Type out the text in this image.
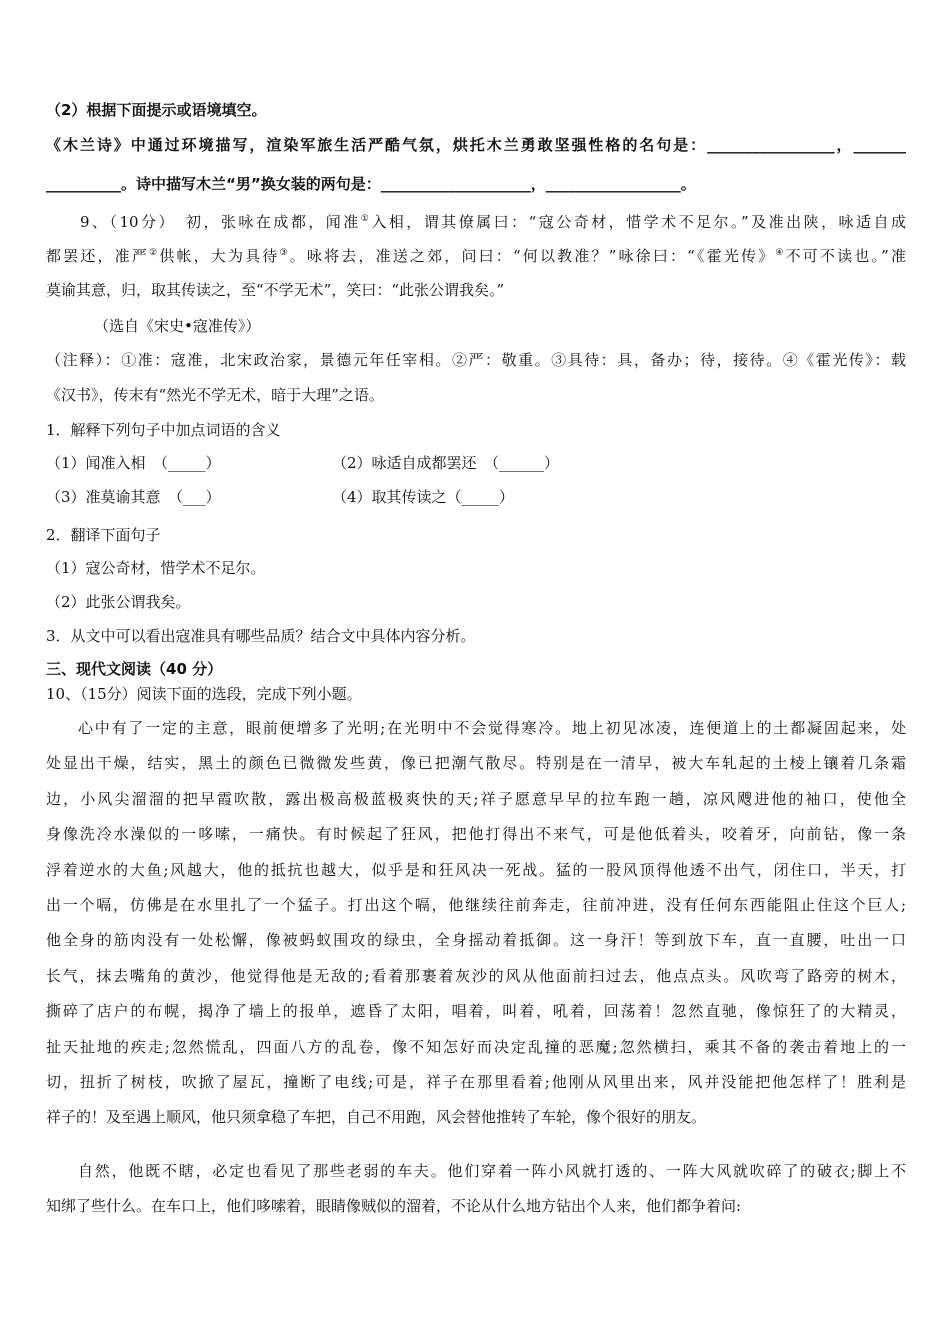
（2）根据下面提示或语境填空。
《木兰诗》中通过环境描写，渲染军旅生活严酷气氛，烘托木兰勇敢坚强性格的名句是：_________________，_______
__________。诗中描写木兰“男”换女装的两句是：____________________，__________________。
9、（10分）　初，张咏在成都，闻准①入相，谓其僚属曰：“寇公奇材，惜学术不足尔。”及准出陕，咏适自成
都罢还，准严②供帐，大为具待③。咏将去，准送之郊，问曰：“何以教准？”咏徐曰：“《霍光传》④不可不读也。”准
莫谕其意，归，取其传读之，至“不学无术”，笑曰：“此张公谓我矣。”
（选自《宋史•寇准传》）
（注释）：①准：寇准，北宋政治家，景德元年任宰相。②严：敬重。③具待：具，备办；待，接待。④《霍光传》：载
《汉书》，传末有“然光不学无术，暗于大理”之语。
1．解释下列句子中加点词语的含义
（1）闻准入相　（_____）	（2）咏适自成都罢还　（______）
（3）准莫谕其意　（___）	（4）取其传读之（_____）
2．翻译下面句子
（1）寇公奇材，惜学术不足尔。
（2）此张公谓我矣。
3．从文中可以看出寇准具有哪些品质？结合文中具体内容分析。
三、现代文阅读（40 分）
10、（15分）阅读下面的选段，完成下列小题。
心中有了一定的主意，眼前便增多了光明;在光明中不会觉得寒冷。地上初见冰凌，连便道上的土都凝固起来，处
处显出干燥，结实，黑土的颜色已微微发些黄，像已把潮气散尽。特别是在一清早，被大车轧起的土棱上镶着几条霜
边，小风尖溜溜的把早霞吹散，露出极高极蓝极爽快的天;祥子愿意早早的拉车跑一趟，凉风飕进他的袖口，使他全
身像洗冷水澡似的一哆嗦，一痛快。有时候起了狂风，把他打得出不来气，可是他低着头，咬着牙，向前钻，像一条
浮着逆水的大鱼;风越大，他的抵抗也越大，似乎是和狂风决一死战。猛的一股风顶得他透不出气，闭住口，半天，打
出一个嗝，仿佛是在水里扎了一个猛子。打出这个嗝，他继续往前奔走，往前冲进，没有任何东西能阻止住这个巨人;
他全身的筋肉没有一处松懈，像被蚂蚁围攻的绿虫，全身摇动着抵御。这一身汗！等到放下车，直一直腰，吐出一口
长气，抹去嘴角的黄沙，他觉得他是无敌的;看着那裹着灰沙的风从他面前扫过去，他点点头。风吹弯了路旁的树木，
撕碎了店户的布幌，揭净了墙上的报单，遮昏了太阳，唱着，叫着，吼着，回荡着！忽然直驰，像惊狂了的大精灵，
扯天扯地的疾走;忽然慌乱，四面八方的乱卷，像不知怎好而决定乱撞的恶魔;忽然横扫，乘其不备的袭击着地上的一
切，扭折了树枝，吹掀了屋瓦，撞断了电线;可是，祥子在那里看着;他刚从风里出来，风并没能把他怎样了！胜利是
祥子的！及至遇上顺风，他只须拿稳了车把，自己不用跑，风会替他推转了车轮，像个很好的朋友。
自然，他既不瞎，必定也看见了那些老弱的车夫。他们穿着一阵小风就打透的、一阵大风就吹碎了的破衣;脚上不
知绑了些什么。在车口上，他们哆嗦着，眼睛像贼似的溜着，不论从什么地方钻出个人来，他们都争着问:
